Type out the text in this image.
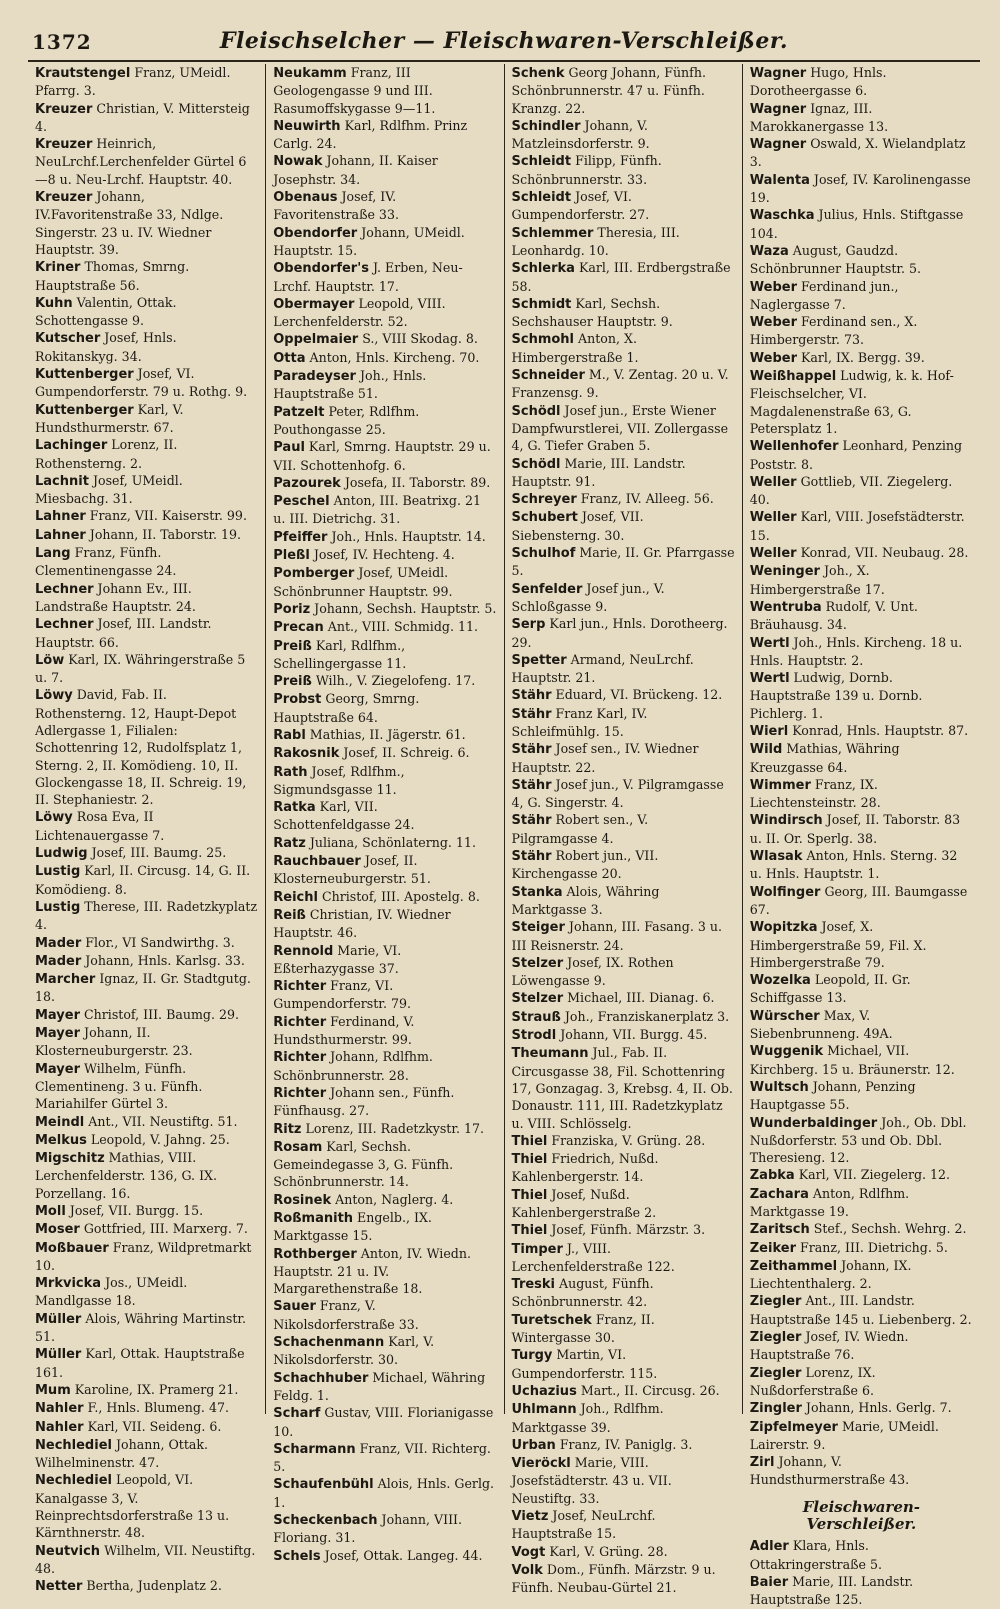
1372	Fleischselcher — Fleischwaren-Verschleißer.

Krautstengel Franz, UMeidl. Pfarrg. 3.

Kreuzer Christian, V. Mittersteig 4.

Kreuzer Heinrich, NeuLrchf.Lerchenfelder Gürtel 6—8 u. Neu-Lrchf. Hauptstr. 40.

Kreuzer Johann, IV.Favoritenstraße 33, Ndlge. Singerstr. 23 u. IV. Wiedner Hauptstr. 39.

Kriner Thomas, Smrng. Hauptstraße 56.

Kuhn Valentin, Ottak. Schottengasse 9.

Kutscher Josef, Hnls. Rokitanskyg. 34.

Kuttenberger Josef, VI. Gumpendorferstr. 79 u. Rothg. 9.

Kuttenberger Karl, V. Hundsthurmerstr. 67.

Lachinger Lorenz, II. Rothensterng. 2.

Lachnit Josef, UMeidl. Miesbachg. 31.

Lahner Franz, VII. Kaiserstr. 99.

Lahner Johann, II. Taborstr. 19.

Lang Franz, Fünfh. Clementinengasse 24.

Lechner Johann Ev., III. Landstraße Hauptstr. 24.

Lechner Josef, III. Landstr. Hauptstr. 66.

Löw Karl, IX. Währingerstraße 5 u. 7.

Löwy David, Fab. II. Rothensterng. 12, Haupt-Depot Adlergasse 1, Filialen: Schottenring 12, Rudolfsplatz 1, Sterng. 2, II. Komödieng. 10, II. Glockengasse 18, II. Schreig. 19, II. Stephaniestr. 2.

Löwy Rosa Eva, II Lichtenauergasse 7.

Ludwig Josef, III. Baumg. 25.

Lustig Karl, II. Circusg. 14, G. II. Komödieng. 8.

Lustig Therese, III. Radetzkyplatz 4.

Mader Flor., VI Sandwirthg. 3.

Mader Johann, Hnls. Karlsg. 33.

Marcher Ignaz, II. Gr. Stadtgutg. 18.

Mayer Christof, III. Baumg. 29.

Mayer Johann, II. Klosterneuburgerstr. 23.

Mayer Wilhelm, Fünfh. Clementineng. 3 u. Fünfh. Mariahilfer Gürtel 3.

Meindl Ant., VII. Neustiftg. 51.

Melkus Leopold, V. Jahng. 25.

Migschitz Mathias, VIII. Lerchenfelderstr. 136, G. IX. Porzellang. 16.

Moll Josef, VII. Burgg. 15.

Moser Gottfried, III. Marxerg. 7.

Moßbauer Franz, Wildpretmarkt 10.

Mrkvicka Jos., UMeidl. Mandlgasse 18.

Müller Alois, Währing Martinstr. 51.

Müller Karl, Ottak. Hauptstraße 161.

Mum Karoline, IX. Pramerg 21.

Nahler F., Hnls. Blumeng. 47.

Nahler Karl, VII. Seideng. 6.

Nechlediel Johann, Ottak. Wilhelminenstr. 47.

Nechlediel Leopold, VI. Kanalgasse 3, V. Reinprechtsdorferstraße 13 u. Kärnthnerstr. 48.

Neutvich Wilhelm, VII. Neustiftg. 48.

Netter Bertha, Judenplatz 2.

Neukamm Franz, III Geologengasse 9 und III. Rasumoffskygasse 9—11.

Neuwirth Karl, Rdlfhm. Prinz Carlg. 24.

Nowak Johann, II. Kaiser Josephstr. 34.

Obenaus Josef, IV. Favoritenstraße 33.

Obendorfer Johann, UMeidl. Hauptstr. 15.

Obendorfer's J. Erben, Neu-Lrchf. Hauptstr. 17.

Obermayer Leopold, VIII. Lerchenfelderstr. 52.

Oppelmaier S., VIII Skodag. 8.

Otta Anton, Hnls. Kircheng. 70.

Paradeyser Joh., Hnls. Hauptstraße 51.

Patzelt Peter, Rdlfhm. Pouthongasse 25.

Paul Karl, Smrng. Hauptstr. 29 u. VII. Schottenhofg. 6.

Pazourek Josefa, II. Taborstr. 89.

Peschel Anton, III. Beatrixg. 21 u. III. Dietrichg. 31.

Pfeiffer Joh., Hnls. Hauptstr. 14.

Pleßl Josef, IV. Hechteng. 4.

Pomberger Josef, UMeidl. Schönbrunner Hauptstr. 99.

Poriz Johann, Sechsh. Hauptstr. 5.

Precan Ant., VIII. Schmidg. 11.

Preiß Karl, Rdlfhm., Schellingergasse 11.

Preiß Wilh., V. Ziegelofeng. 17.

Probst Georg, Smrng. Hauptstraße 64.

Rabl Mathias, II. Jägerstr. 61.

Rakosnik Josef, II. Schreig. 6.

Rath Josef, Rdlfhm., Sigmundsgasse 11.

Ratka Karl, VII. Schottenfeldgasse 24.

Ratz Juliana, Schönlaterng. 11.

Rauchbauer Josef, II. Klosterneuburgerstr. 51.

Reichl Christof, III. Apostelg. 8.

Reiß Christian, IV. Wiedner Hauptstr. 46.

Rennold Marie, VI. Eßterhazygasse 37.

Richter Franz, VI. Gumpendorferstr. 79.

Richter Ferdinand, V. Hundsthurmerstr. 99.

Richter Johann, Rdlfhm. Schönbrunnerstr. 28.

Richter Johann sen., Fünfh. Fünfhausg. 27.

Ritz Lorenz, III. Radetzkystr. 17.

Rosam Karl, Sechsh. Gemeindegasse 3, G. Fünfh. Schönbrunnerstr. 14.

Rosinek Anton, Naglerg. 4.

Roßmanith Engelb., IX. Marktgasse 15.

Rothberger Anton, IV. Wiedn. Hauptstr. 21 u. IV. Margarethenstraße 18.

Sauer Franz, V. Nikolsdorferstraße 33.

Schachenmann Karl, V. Nikolsdorferstr. 30.

Schachhuber Michael, Währing Feldg. 1.

Scharf Gustav, VIII. Florianigasse 10.

Scharmann Franz, VII. Richterg. 5.

Schaufenbühl Alois, Hnls. Gerlg. 1.

Scheckenbach Johann, VIII. Floriang. 31.

Schels Josef, Ottak. Langeg. 44.

Schenk Georg Johann, Fünfh. Schönbrunnerstr. 47 u. Fünfh. Kranzg. 22.

Schindler Johann, V. Matzleinsdorferstr. 9.

Schleidt Filipp, Fünfh. Schönbrunnerstr. 33.

Schleidt Josef, VI. Gumpendorferstr. 27.

Schlemmer Theresia, III. Leonhardg. 10.

Schlerka Karl, III. Erdbergstraße 58.

Schmidt Karl, Sechsh. Sechshauser Hauptstr. 9.

Schmohl Anton, X. Himbergerstraße 1.

Schneider M., V. Zentag. 20 u. V. Franzensg. 9.

Schödl Josef jun., Erste Wiener Dampfwurstlerei, VII. Zollergasse 4, G. Tiefer Graben 5.

Schödl Marie, III. Landstr. Hauptstr. 91.

Schreyer Franz, IV. Alleeg. 56.

Schubert Josef, VII. Siebensterng. 30.

Schulhof Marie, II. Gr. Pfarrgasse 5.

Senfelder Josef jun., V. Schloßgasse 9.

Serp Karl jun., Hnls. Dorotheerg. 29.

Spetter Armand, NeuLrchf. Hauptstr. 21.

Stähr Eduard, VI. Brückeng. 12.

Stähr Franz Karl, IV. Schleifmühlg. 15.

Stähr Josef sen., IV. Wiedner Hauptstr. 22.

Stähr Josef jun., V. Pilgramgasse 4, G. Singerstr. 4.

Stähr Robert sen., V. Pilgramgasse 4.

Stähr Robert jun., VII. Kirchengasse 20.

Stanka Alois, Währing Marktgasse 3.

Steiger Johann, III. Fasang. 3 u. III Reisnerstr. 24.

Stelzer Josef, IX. Rothen Löwengasse 9.

Stelzer Michael, III. Dianag. 6.

Strauß Joh., Franziskanerplatz 3.

Strodl Johann, VII. Burgg. 45.

Theumann Jul., Fab. II. Circusgasse 38, Fil. Schottenring 17, Gonzagag. 3, Krebsg. 4, II. Ob. Donaustr. 111, III. Radetzkyplatz u. VIII. Schlösselg.

Thiel Franziska, V. Grüng. 28.

Thiel Friedrich, Nußd. Kahlenbergerstr. 14.

Thiel Josef, Nußd. Kahlenbergerstraße 2.

Thiel Josef, Fünfh. Märzstr. 3.

Timper J., VIII. Lerchenfelderstraße 122.

Treski August, Fünfh. Schönbrunnerstr. 42.

Turetschek Franz, II. Wintergasse 30.

Turgy Martin, VI. Gumpendorferstr. 115.

Uchazius Mart., II. Circusg. 26.

Uhlmann Joh., Rdlfhm. Marktgasse 39.

Urban Franz, IV. Paniglg. 3.

Vieröckl Marie, VIII. Josefstädterstr. 43 u. VII. Neustiftg. 33.

Vietz Josef, NeuLrchf. Hauptstraße 15.

Vogt Karl, V. Grüng. 28.

Volk Dom., Fünfh. Märzstr. 9 u. Fünfh. Neubau-Gürtel 21.

Wagner Hugo, Hnls. Dorotheergasse 6.

Wagner Ignaz, III. Marokkanergasse 13.

Wagner Oswald, X. Wielandplatz 3.

Walenta Josef, IV. Karolinengasse 19.

Waschka Julius, Hnls. Stiftgasse 104.

Waza August, Gaudzd. Schönbrunner Hauptstr. 5.

Weber Ferdinand jun., Naglergasse 7.

Weber Ferdinand sen., X. Himbergerstr. 73.

Weber Karl, IX. Bergg. 39.

Weißhappel Ludwig, k. k. Hof-Fleischselcher, VI. Magdalenenstraße 63, G. Petersplatz 1.

Wellenhofer Leonhard, Penzing Poststr. 8.

Weller Gottlieb, VII. Ziegelerg. 40.

Weller Karl, VIII. Josefstädterstr. 15.

Weller Konrad, VII. Neubaug. 28.

Weninger Joh., X. Himbergerstraße 17.

Wentruba Rudolf, V. Unt. Bräuhausg. 34.

Wertl Joh., Hnls. Kircheng. 18 u. Hnls. Hauptstr. 2.

Wertl Ludwig, Dornb. Hauptstraße 139 u. Dornb. Pichlerg. 1.

Wierl Konrad, Hnls. Hauptstr. 87.

Wild Mathias, Währing Kreuzgasse 64.

Wimmer Franz, IX. Liechtensteinstr. 28.

Windirsch Josef, II. Taborstr. 83 u. II. Or. Sperlg. 38.

Wlasak Anton, Hnls. Sterng. 32 u. Hnls. Hauptstr. 1.

Wolfinger Georg, III. Baumgasse 67.

Wopitzka Josef, X. Himbergerstraße 59, Fil. X. Himbergerstraße 79.

Wozelka Leopold, II. Gr. Schiffgasse 13.

Würscher Max, V. Siebenbrunneng. 49A.

Wuggenik Michael, VII. Kirchberg. 15 u. Bräunerstr. 12.

Wultsch Johann, Penzing Hauptgasse 55.

Wunderbaldinger Joh., Ob. Dbl. Nußdorferstr. 53 und Ob. Dbl. Theresieng. 12.

Zabka Karl, VII. Ziegelerg. 12.

Zachara Anton, Rdlfhm. Marktgasse 19.

Zaritsch Stef., Sechsh. Wehrg. 2.

Zeiker Franz, III. Dietrichg. 5.

Zeithammel Johann, IX. Liechtenthalerg. 2.

Ziegler Ant., III. Landstr. Hauptstraße 145 u. Liebenberg. 2.

Ziegler Josef, IV. Wiedn. Hauptstraße 76.

Ziegler Lorenz, IX. Nußdorferstraße 6.

Zingler Johann, Hnls. Gerlg. 7.

Zipfelmeyer Marie, UMeidl. Lairerstr. 9.

Zirl Johann, V. Hundsthurmerstraße 43.

Fleischwaren-Verschleißer.

Adler Klara, Hnls. Ottakringerstraße 5.

Baier Marie, III. Landstr. Hauptstraße 125.
